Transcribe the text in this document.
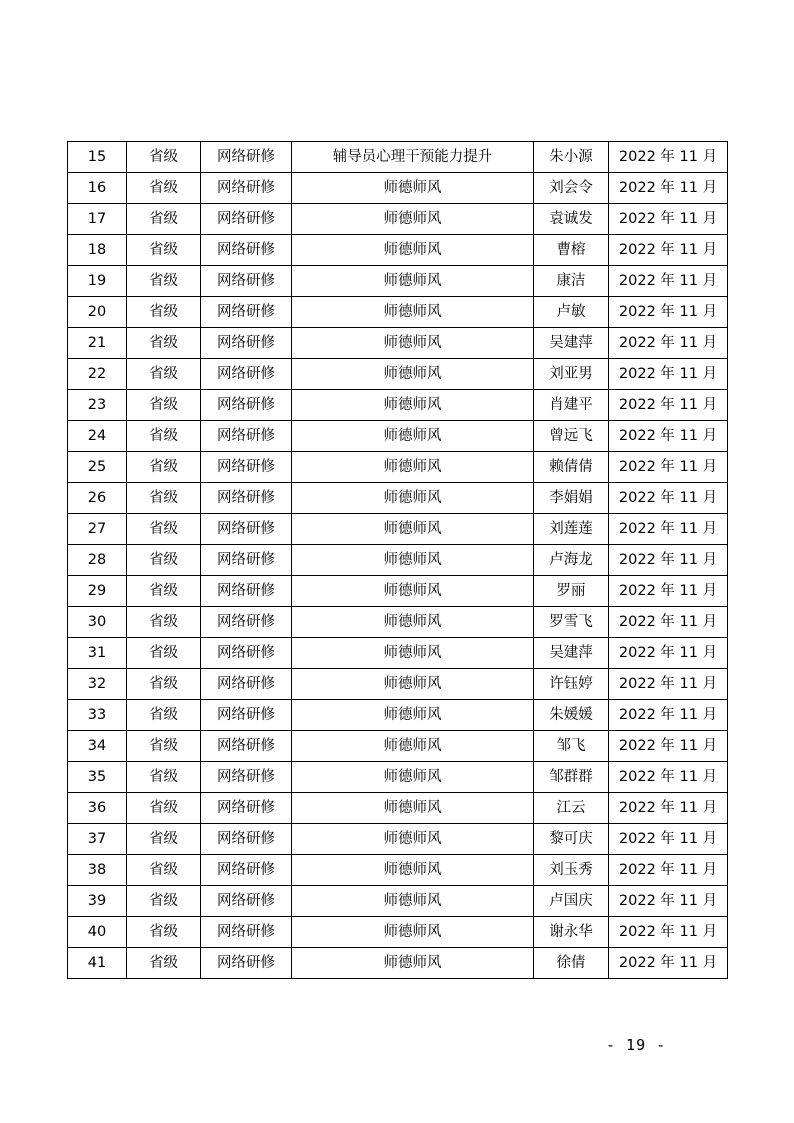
15	省级	网络研修	辅导员心理干预能力提升	朱小源	2022 年 11 月
16	省级	网络研修	师德师风	刘会令	2022 年 11 月
17	省级	网络研修	师德师风	袁诚发	2022 年 11 月
18	省级	网络研修	师德师风	曹榕	2022 年 11 月
19	省级	网络研修	师德师风	康洁	2022 年 11 月
20	省级	网络研修	师德师风	卢敏	2022 年 11 月
21	省级	网络研修	师德师风	吴建萍	2022 年 11 月
22	省级	网络研修	师德师风	刘亚男	2022 年 11 月
23	省级	网络研修	师德师风	肖建平	2022 年 11 月
24	省级	网络研修	师德师风	曾远飞	2022 年 11 月
25	省级	网络研修	师德师风	赖倩倩	2022 年 11 月
26	省级	网络研修	师德师风	李娟娟	2022 年 11 月
27	省级	网络研修	师德师风	刘莲莲	2022 年 11 月
28	省级	网络研修	师德师风	卢海龙	2022 年 11 月
29	省级	网络研修	师德师风	罗丽	2022 年 11 月
30	省级	网络研修	师德师风	罗雪飞	2022 年 11 月
31	省级	网络研修	师德师风	吴建萍	2022 年 11 月
32	省级	网络研修	师德师风	许钰婷	2022 年 11 月
33	省级	网络研修	师德师风	朱媛媛	2022 年 11 月
34	省级	网络研修	师德师风	邹飞	2022 年 11 月
35	省级	网络研修	师德师风	邹群群	2022 年 11 月
36	省级	网络研修	师德师风	江云	2022 年 11 月
37	省级	网络研修	师德师风	黎可庆	2022 年 11 月
38	省级	网络研修	师德师风	刘玉秀	2022 年 11 月
39	省级	网络研修	师德师风	卢国庆	2022 年 11 月
40	省级	网络研修	师德师风	谢永华	2022 年 11 月
41	省级	网络研修	师德师风	徐倩	2022 年 11 月
- 19 -
